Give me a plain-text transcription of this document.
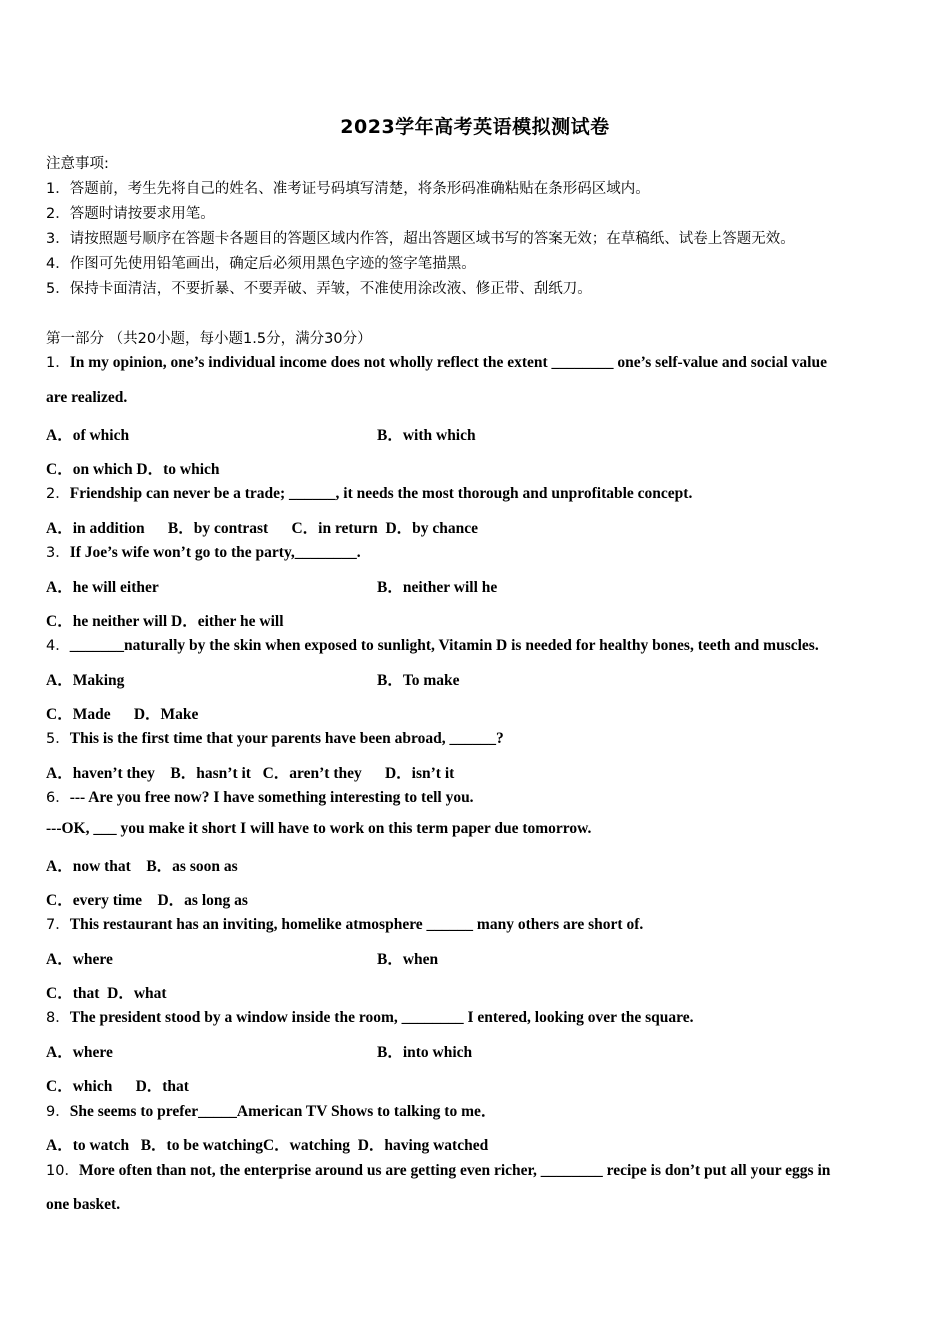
2023学年高考英语模拟测试卷
注意事项:
1．答题前，考生先将自己的姓名、准考证号码填写清楚，将条形码准确粘贴在条形码区域内。
2．答题时请按要求用笔。
3．请按照题号顺序在答题卡各题目的答题区域内作答，超出答题区域书写的答案无效；在草稿纸、试卷上答题无效。
4．作图可先使用铅笔画出，确定后必须用黑色字迹的签字笔描黑。
5．保持卡面清洁，不要折暴、不要弄破、弄皱，不准使用涂改液、修正带、刮纸刀。
第一部分 （共20小题，每小题1.5分，满分30分）
1．In my opinion, one’s individual income does not wholly reflect the extent ________ one’s self-value and social value
are realized.
A．of which	B．with which
C．on which D．to which
2．Friendship can never be a trade; ______, it needs the most thorough and unprofitable concept.
A．in addition      B．by contrast      C．in return  D．by chance
3．If Joe’s wife won’t go to the party,________.
A．he will either	B．neither will he
C．he neither will D．either he will
4．_______naturally by the skin when exposed to sunlight, Vitamin D is needed for healthy bones, teeth and muscles.
A．Making	B．To make
C．Made      D．Make
5．This is the first time that your parents have been abroad, ______?
A．haven’t they    B．hasn’t it   C．aren’t they      D．isn’t it
6．--- Are you free now? I have something interesting to tell you.
---OK, ___ you make it short I will have to work on this term paper due tomorrow.
A．now that    B．as soon as
C．every time    D．as long as
7．This restaurant has an inviting, homelike atmosphere ______ many others are short of.
A．where	B．when
C．that  D．what
8．The president stood by a window inside the room, ________ I entered, looking over the square.
A．where	B．into which
C．which      D．that
9．She seems to prefer_____American TV Shows to talking to me．
A．to watch   B．to be watchingC．watching  D．having watched
10．More often than not, the enterprise around us are getting even richer, ________ recipe is don’t put all your eggs in
one basket.
